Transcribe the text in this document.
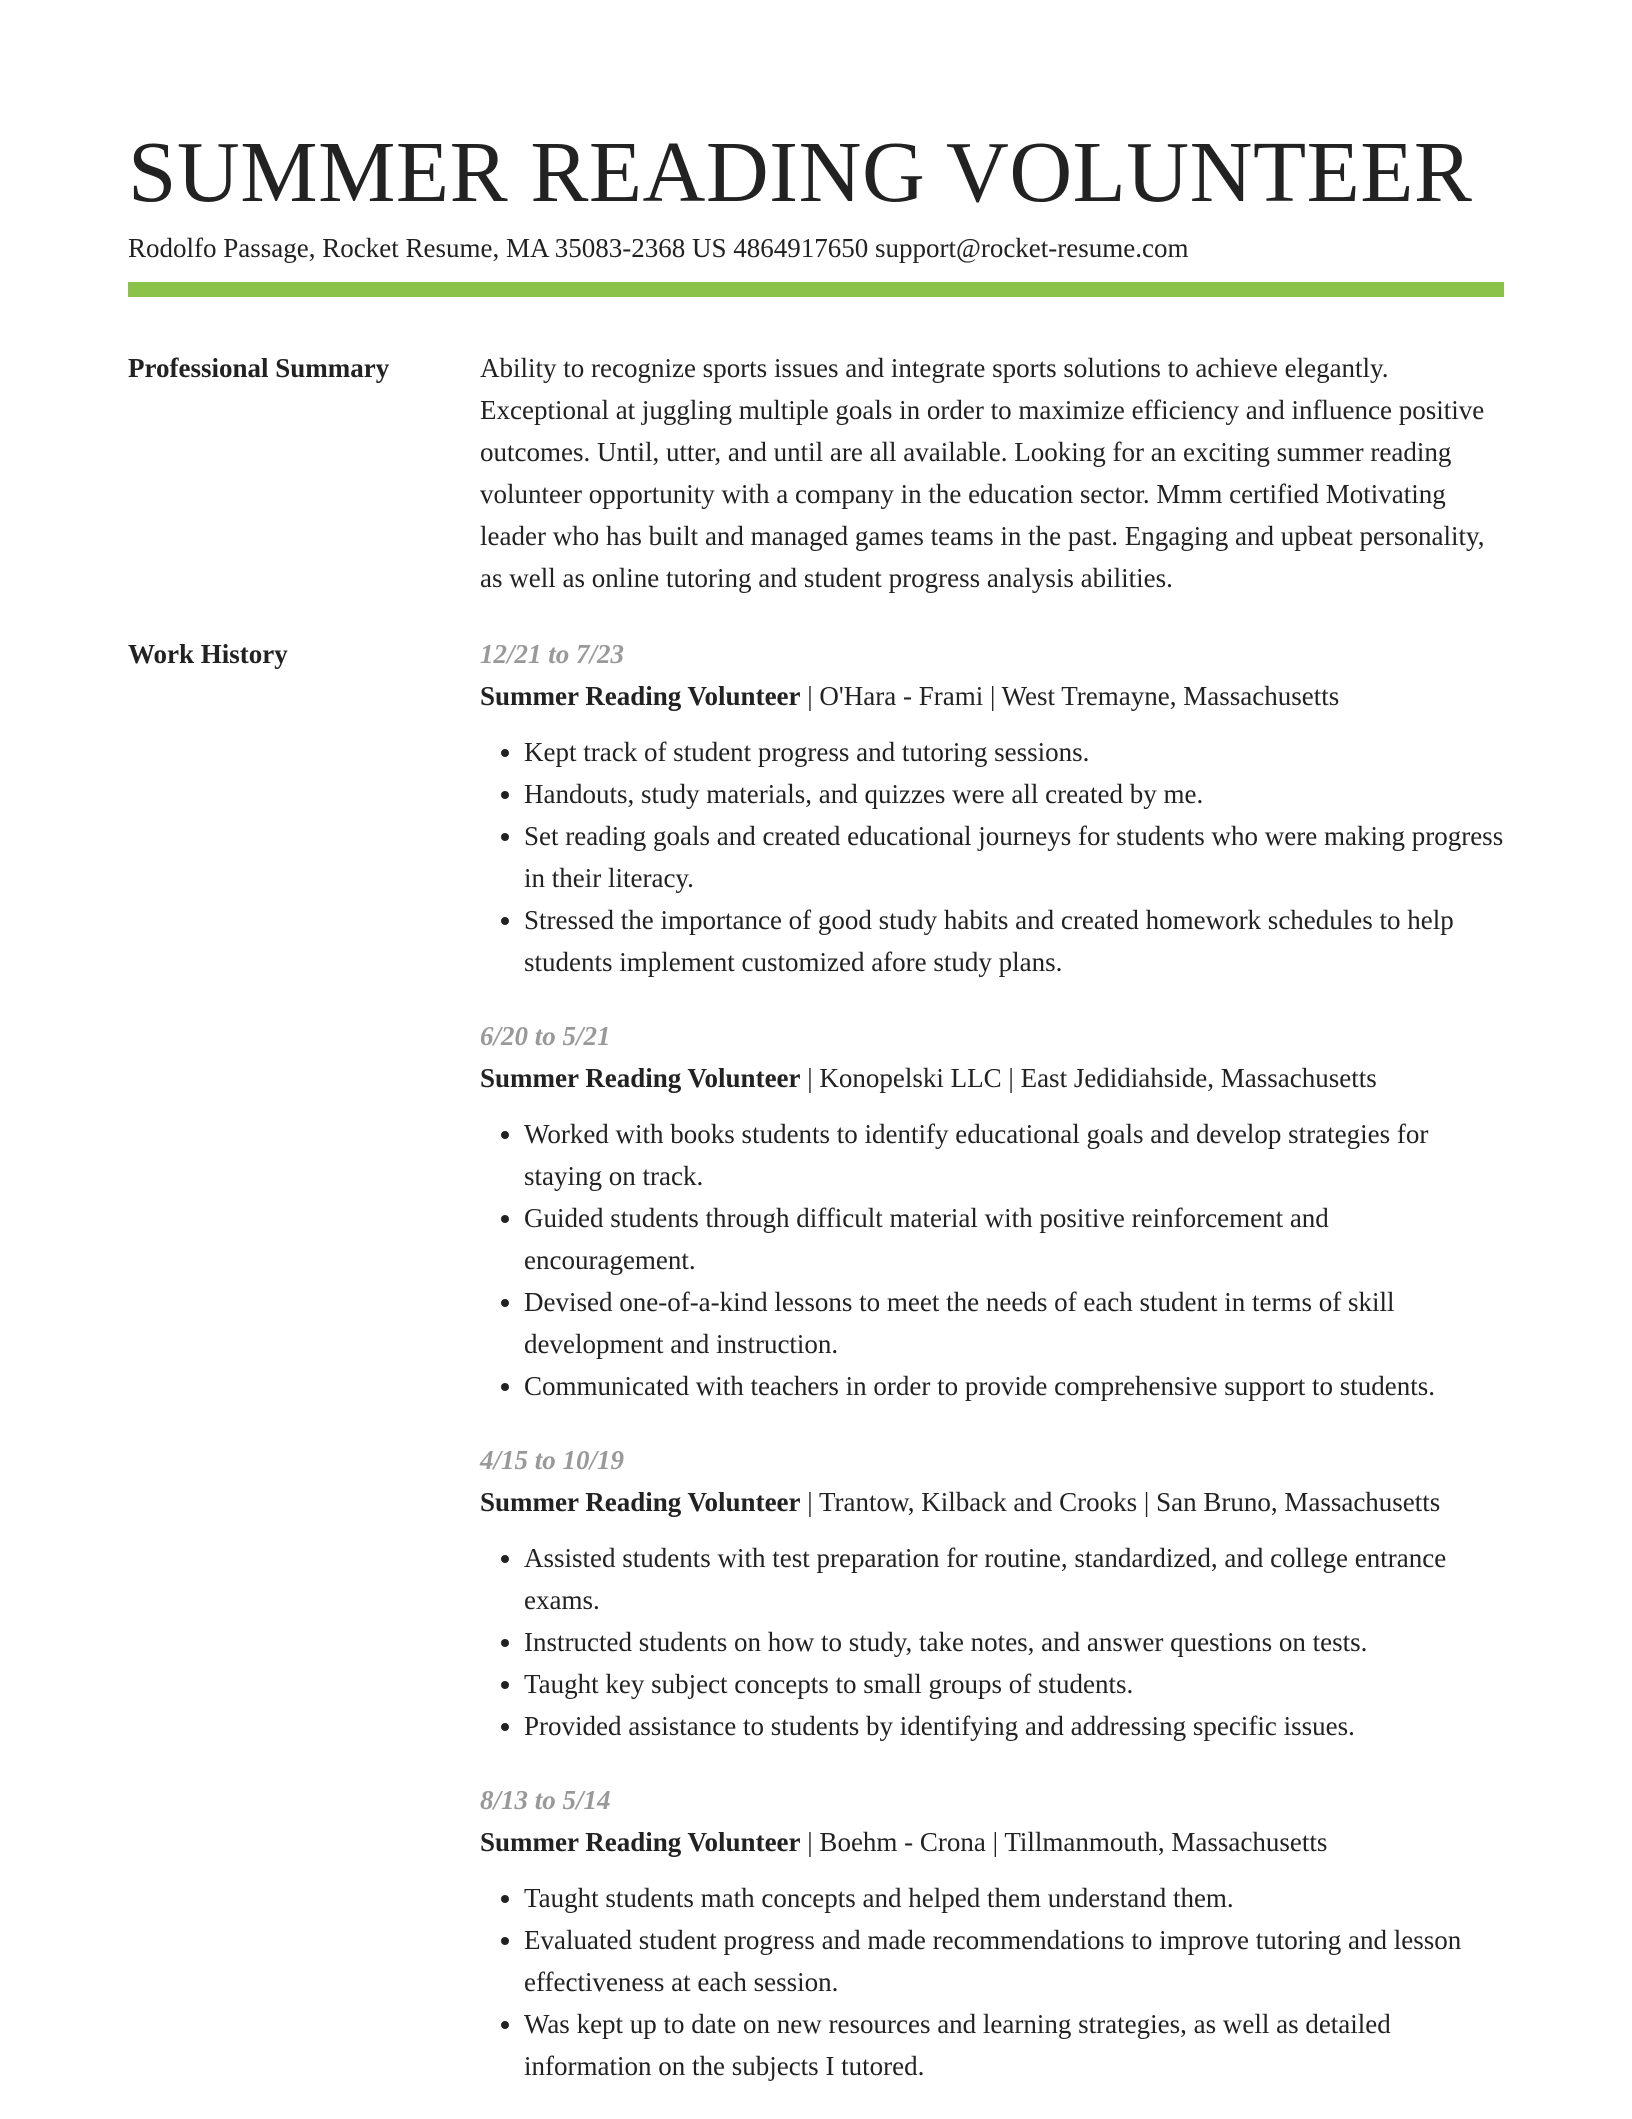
SUMMER READING VOLUNTEER
Rodolfo Passage, Rocket Resume, MA 35083-2368 US 4864917650 support@rocket-resume.com
Professional Summary	Ability to recognize sports issues and integrate sports solutions to achieve elegantly. Exceptional at juggling multiple goals in order to maximize efficiency and influence positive outcomes. Until, utter, and until are all available. Looking for an exciting summer reading volunteer opportunity with a company in the education sector. Mmm certified Motivating leader who has built and managed games teams in the past. Engaging and upbeat personality, as well as online tutoring and student progress analysis abilities.

Work History	12/21 to 7/23
Summer Reading Volunteer | O'Hara - Frami | West Tremayne, Massachusetts
• Kept track of student progress and tutoring sessions.
• Handouts, study materials, and quizzes were all created by me.
• Set reading goals and created educational journeys for students who were making progress in their literacy.
• Stressed the importance of good study habits and created homework schedules to help students implement customized afore study plans.
6/20 to 5/21
Summer Reading Volunteer | Konopelski LLC | East Jedidiahside, Massachusetts
• Worked with books students to identify educational goals and develop strategies for staying on track.
• Guided students through difficult material with positive reinforcement and encouragement.
• Devised one-of-a-kind lessons to meet the needs of each student in terms of skill development and instruction.
• Communicated with teachers in order to provide comprehensive support to students.
4/15 to 10/19
Summer Reading Volunteer | Trantow, Kilback and Crooks | San Bruno, Massachusetts
• Assisted students with test preparation for routine, standardized, and college entrance exams.
• Instructed students on how to study, take notes, and answer questions on tests.
• Taught key subject concepts to small groups of students.
• Provided assistance to students by identifying and addressing specific issues.
8/13 to 5/14
Summer Reading Volunteer | Boehm - Crona | Tillmanmouth, Massachusetts
• Taught students math concepts and helped them understand them.
• Evaluated student progress and made recommendations to improve tutoring and lesson effectiveness at each session.
• Was kept up to date on new resources and learning strategies, as well as detailed information on the subjects I tutored.
